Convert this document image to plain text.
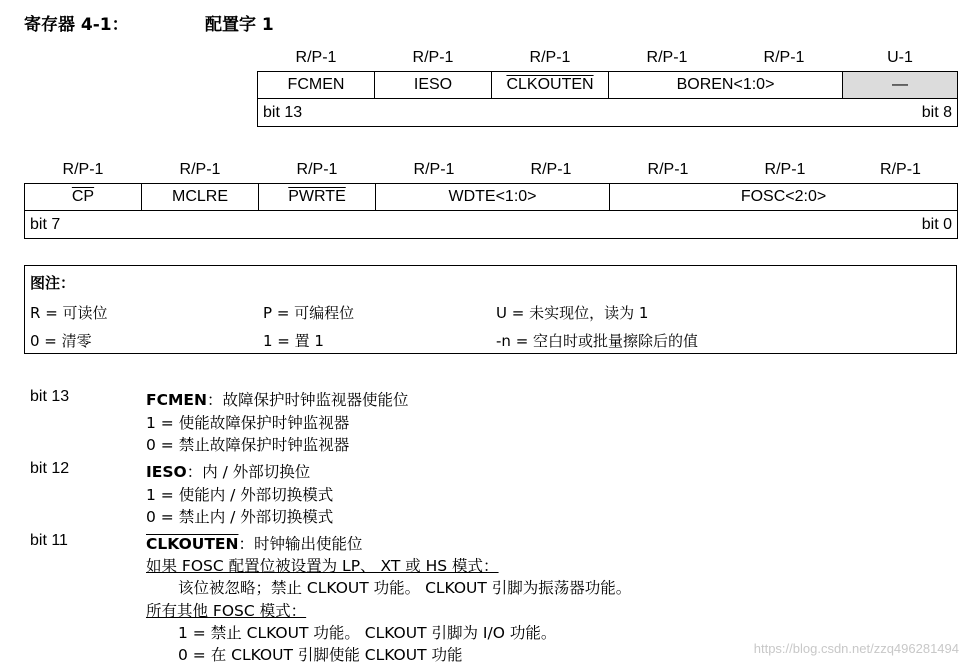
寄存器 4-1：	配置字 1
R/P-1	R/P-1	R/P-1	R/P-1	R/P-1	U-1
FCMEN	IESO	CLKOUTEN	BOREN<1:0>		—

bit 13 bit 8					
R/P-1	R/P-1	R/P-1	R/P-1	R/P-1	R/P-1	R/P-1	R/P-1
$\overline{CP}$	MCLRE	PWRTE	WDTE<1:0>		FOSC<2:0>		

bit 7 bit 0							
图注：
R = 可读位	P = 可编程位	U = 未实现位，读为 1
0 = 清零	1 = 置 1	-n = 空白时或批量擦除后的值
bit 13	FCMEN：故障保护时钟监视器使能位
1 = 使能故障保护时钟监视器
0 = 禁止故障保护时钟监视器
bit 12	IESO：内 / 外部切换位
1 = 使能内 / 外部切换模式
0 = 禁止内 / 外部切换模式
bit 11	CLKOUTEN：时钟输出使能位
如果 FOSC 配置位被设置为 LP、 XT 或 HS 模式：
该位被忽略；禁止 CLKOUT 功能。 CLKOUT 引脚为振荡器功能。
所有其他 FOSC 模式：
1 = 禁止 CLKOUT 功能。 CLKOUT 引脚为 I/O 功能。
0 = 在 CLKOUT 引脚使能 CLKOUT 功能	https://blog.csdn.net/zzq496281494
